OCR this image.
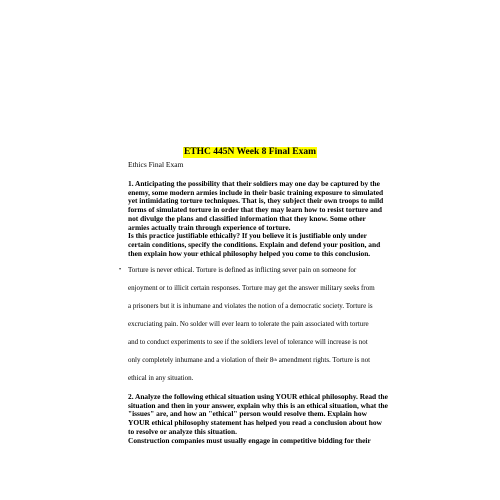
ETHC 445N Week 8 Final Exam
Ethics Final Exam

1. Anticipating the possibility that their soldiers may one day be captured by the enemy, some modern armies include in their basic training exposure to simulated yet intimidating torture techniques. That is, they subject their own troops to mild forms of simulated torture in order that they may learn how to resist torture and not divulge the plans and classified information that they know. Some other armies actually train through experience of torture.

Is this practice justifiable ethically? If you believe it is justifiable only under certain conditions, specify the conditions. Explain and defend your position, and then explain how your ethical philosophy helped you come to this conclusion.

• Torture is never ethical. Torture is defined as inflicting sever pain on someone for
enjoyment or to illicit certain responses. Torture may get the answer military seeks from
a prisoners but it is inhumane and violates the notion of a democratic society. Torture is
excruciating pain. No solder will ever learn to tolerate the pain associated with torture
and to conduct experiments to see if the soldiers level of tolerance will increase is not
only completely inhumane and a violation of their 8th amendment rights. Torture is not
ethical in any situation.

2. Analyze the following ethical situation using YOUR ethical philosophy. Read the situation and then in your answer, explain why this is an ethical situation, what the "issues" are, and how an "ethical" person would resolve them. Explain how YOUR ethical philosophy statement has helped you read a conclusion about how to resolve or analyze this situation.

Construction companies must usually engage in competitive bidding for their
